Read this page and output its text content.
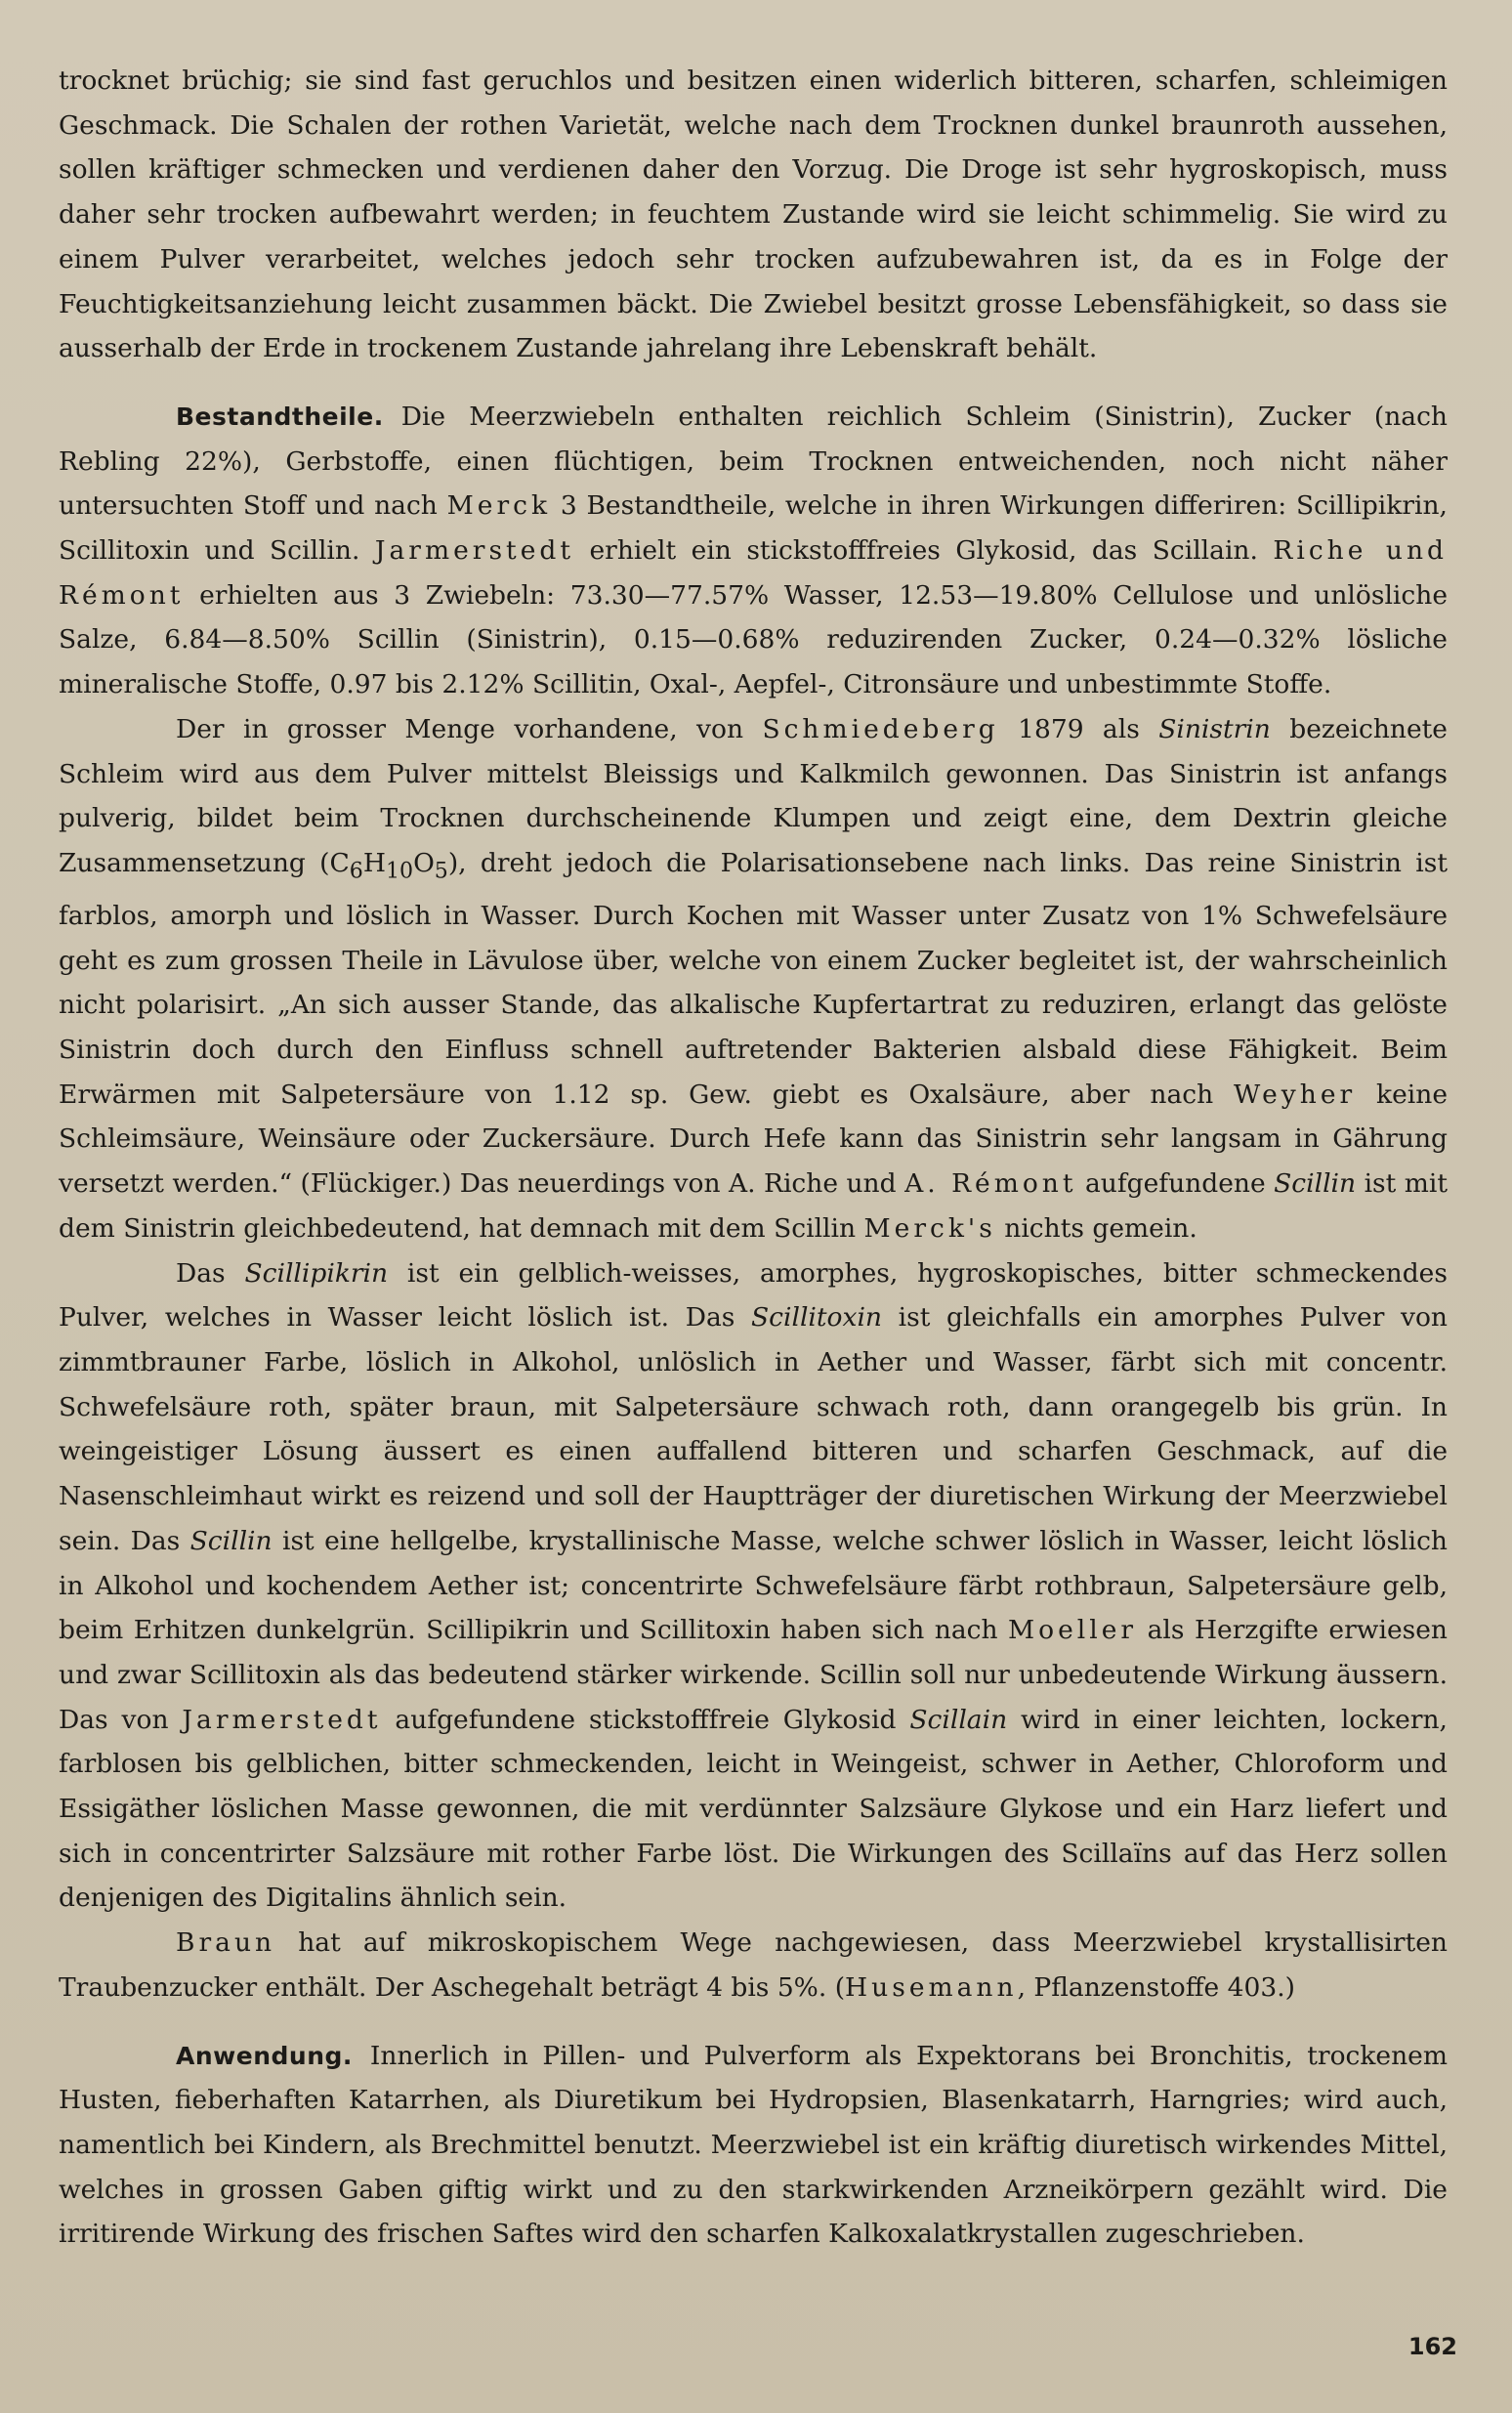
trocknet brüchig; sie sind fast geruchlos und besitzen einen widerlich bitteren, scharfen, schleimigen Geschmack. Die Schalen der rothen Varietät, welche nach dem Trocknen dunkel braunroth aussehen, sollen kräftiger schmecken und verdienen daher den Vorzug. Die Droge ist sehr hygroskopisch, muss daher sehr trocken aufbewahrt werden; in feuchtem Zustande wird sie leicht schimmelig. Sie wird zu einem Pulver verarbeitet, welches jedoch sehr trocken aufzubewahren ist, da es in Folge der Feuchtigkeitsanziehung leicht zusammen bäckt. Die Zwiebel besitzt grosse Lebensfähigkeit, so dass sie ausserhalb der Erde in trockenem Zustande jahrelang ihre Lebenskraft behält.

Bestandtheile. Die Meerzwiebeln enthalten reichlich Schleim (Sinistrin), Zucker (nach Rebling 22%), Gerbstoffe, einen flüchtigen, beim Trocknen entweichenden, noch nicht näher untersuchten Stoff und nach Merck 3 Bestandtheile, welche in ihren Wirkungen differiren: Scillipikrin, Scillitoxin und Scillin. Jarmerstedt erhielt ein stickstofffreies Glykosid, das Scillain. Riche und Rémont erhielten aus 3 Zwiebeln: 73.30—77.57% Wasser, 12.53—19.80% Cellulose und unlösliche Salze, 6.84—8.50% Scillin (Sinistrin), 0.15—0.68% reduzirenden Zucker, 0.24—0.32% lösliche mineralische Stoffe, 0.97 bis 2.12% Scillitin, Oxal-, Aepfel-, Citronsäure und unbestimmte Stoffe.

Der in grosser Menge vorhandene, von Schmiedeberg 1879 als Sinistrin bezeichnete Schleim wird aus dem Pulver mittelst Bleissigs und Kalkmilch gewonnen. Das Sinistrin ist anfangs pulverig, bildet beim Trocknen durchscheinende Klumpen und zeigt eine, dem Dextrin gleiche Zusammensetzung $(C_6H_{10}O_5)$, dreht jedoch die Polarisationsebene nach links. Das reine Sinistrin ist farblos, amorph und löslich in Wasser. Durch Kochen mit Wasser unter Zusatz von 1% Schwefelsäure geht es zum grossen Theile in Lävulose über, welche von einem Zucker begleitet ist, der wahrscheinlich nicht polarisirt. „An sich ausser Stande, das alkalische Kupfertartrat zu reduziren, erlangt das gelöste Sinistrin doch durch den Einfluss schnell auftretender Bakterien alsbald diese Fähigkeit. Beim Erwärmen mit Salpetersäure von 1.12 sp. Gew. giebt es Oxalsäure, aber nach Weyher keine Schleimsäure, Weinsäure oder Zuckersäure. Durch Hefe kann das Sinistrin sehr langsam in Gährung versetzt werden.“ (Flückiger.) Das neuerdings von A. Riche und A. Rémont aufgefundene Scillin ist mit dem Sinistrin gleichbedeutend, hat demnach mit dem Scillin Merck's nichts gemein.

Das Scillipikrin ist ein gelblich-weisses, amorphes, hygroskopisches, bitter schmeckendes Pulver, welches in Wasser leicht löslich ist. Das Scillitoxin ist gleichfalls ein amorphes Pulver von zimmtbrauner Farbe, löslich in Alkohol, unlöslich in Aether und Wasser, färbt sich mit concentr. Schwefelsäure roth, später braun, mit Salpetersäure schwach roth, dann orangegelb bis grün. In weingeistiger Lösung äussert es einen auffallend bitteren und scharfen Geschmack, auf die Nasenschleimhaut wirkt es reizend und soll der Hauptträger der diuretischen Wirkung der Meerzwiebel sein. Das Scillin ist eine hellgelbe, krystallinische Masse, welche schwer löslich in Wasser, leicht löslich in Alkohol und kochendem Aether ist; concentrirte Schwefelsäure färbt rothbraun, Salpetersäure gelb, beim Erhitzen dunkelgrün. Scillipikrin und Scillitoxin haben sich nach Moeller als Herzgifte erwiesen und zwar Scillitoxin als das bedeutend stärker wirkende. Scillin soll nur unbedeutende Wirkung äussern. Das von Jarmerstedt aufgefundene stickstofffreie Glykosid Scillain wird in einer leichten, lockern, farblosen bis gelblichen, bitter schmeckenden, leicht in Weingeist, schwer in Aether, Chloroform und Essigäther löslichen Masse gewonnen, die mit verdünnter Salzsäure Glykose und ein Harz liefert und sich in concentrirter Salzsäure mit rother Farbe löst. Die Wirkungen des Scillaïns auf das Herz sollen denjenigen des Digitalins ähnlich sein.

Braun hat auf mikroskopischem Wege nachgewiesen, dass Meerzwiebel krystallisirten Traubenzucker enthält. Der Aschegehalt beträgt 4 bis 5%. (Husemann, Pflanzenstoffe 403.)

Anwendung. Innerlich in Pillen- und Pulverform als Expektorans bei Bronchitis, trockenem Husten, fieberhaften Katarrhen, als Diuretikum bei Hydropsien, Blasenkatarrh, Harngries; wird auch, namentlich bei Kindern, als Brechmittel benutzt. Meerzwiebel ist ein kräftig diuretisch wirkendes Mittel, welches in grossen Gaben giftig wirkt und zu den starkwirkenden Arzneikörpern gezählt wird. Die irritirende Wirkung des frischen Saftes wird den scharfen Kalkoxalatkrystallen zugeschrieben.

162
